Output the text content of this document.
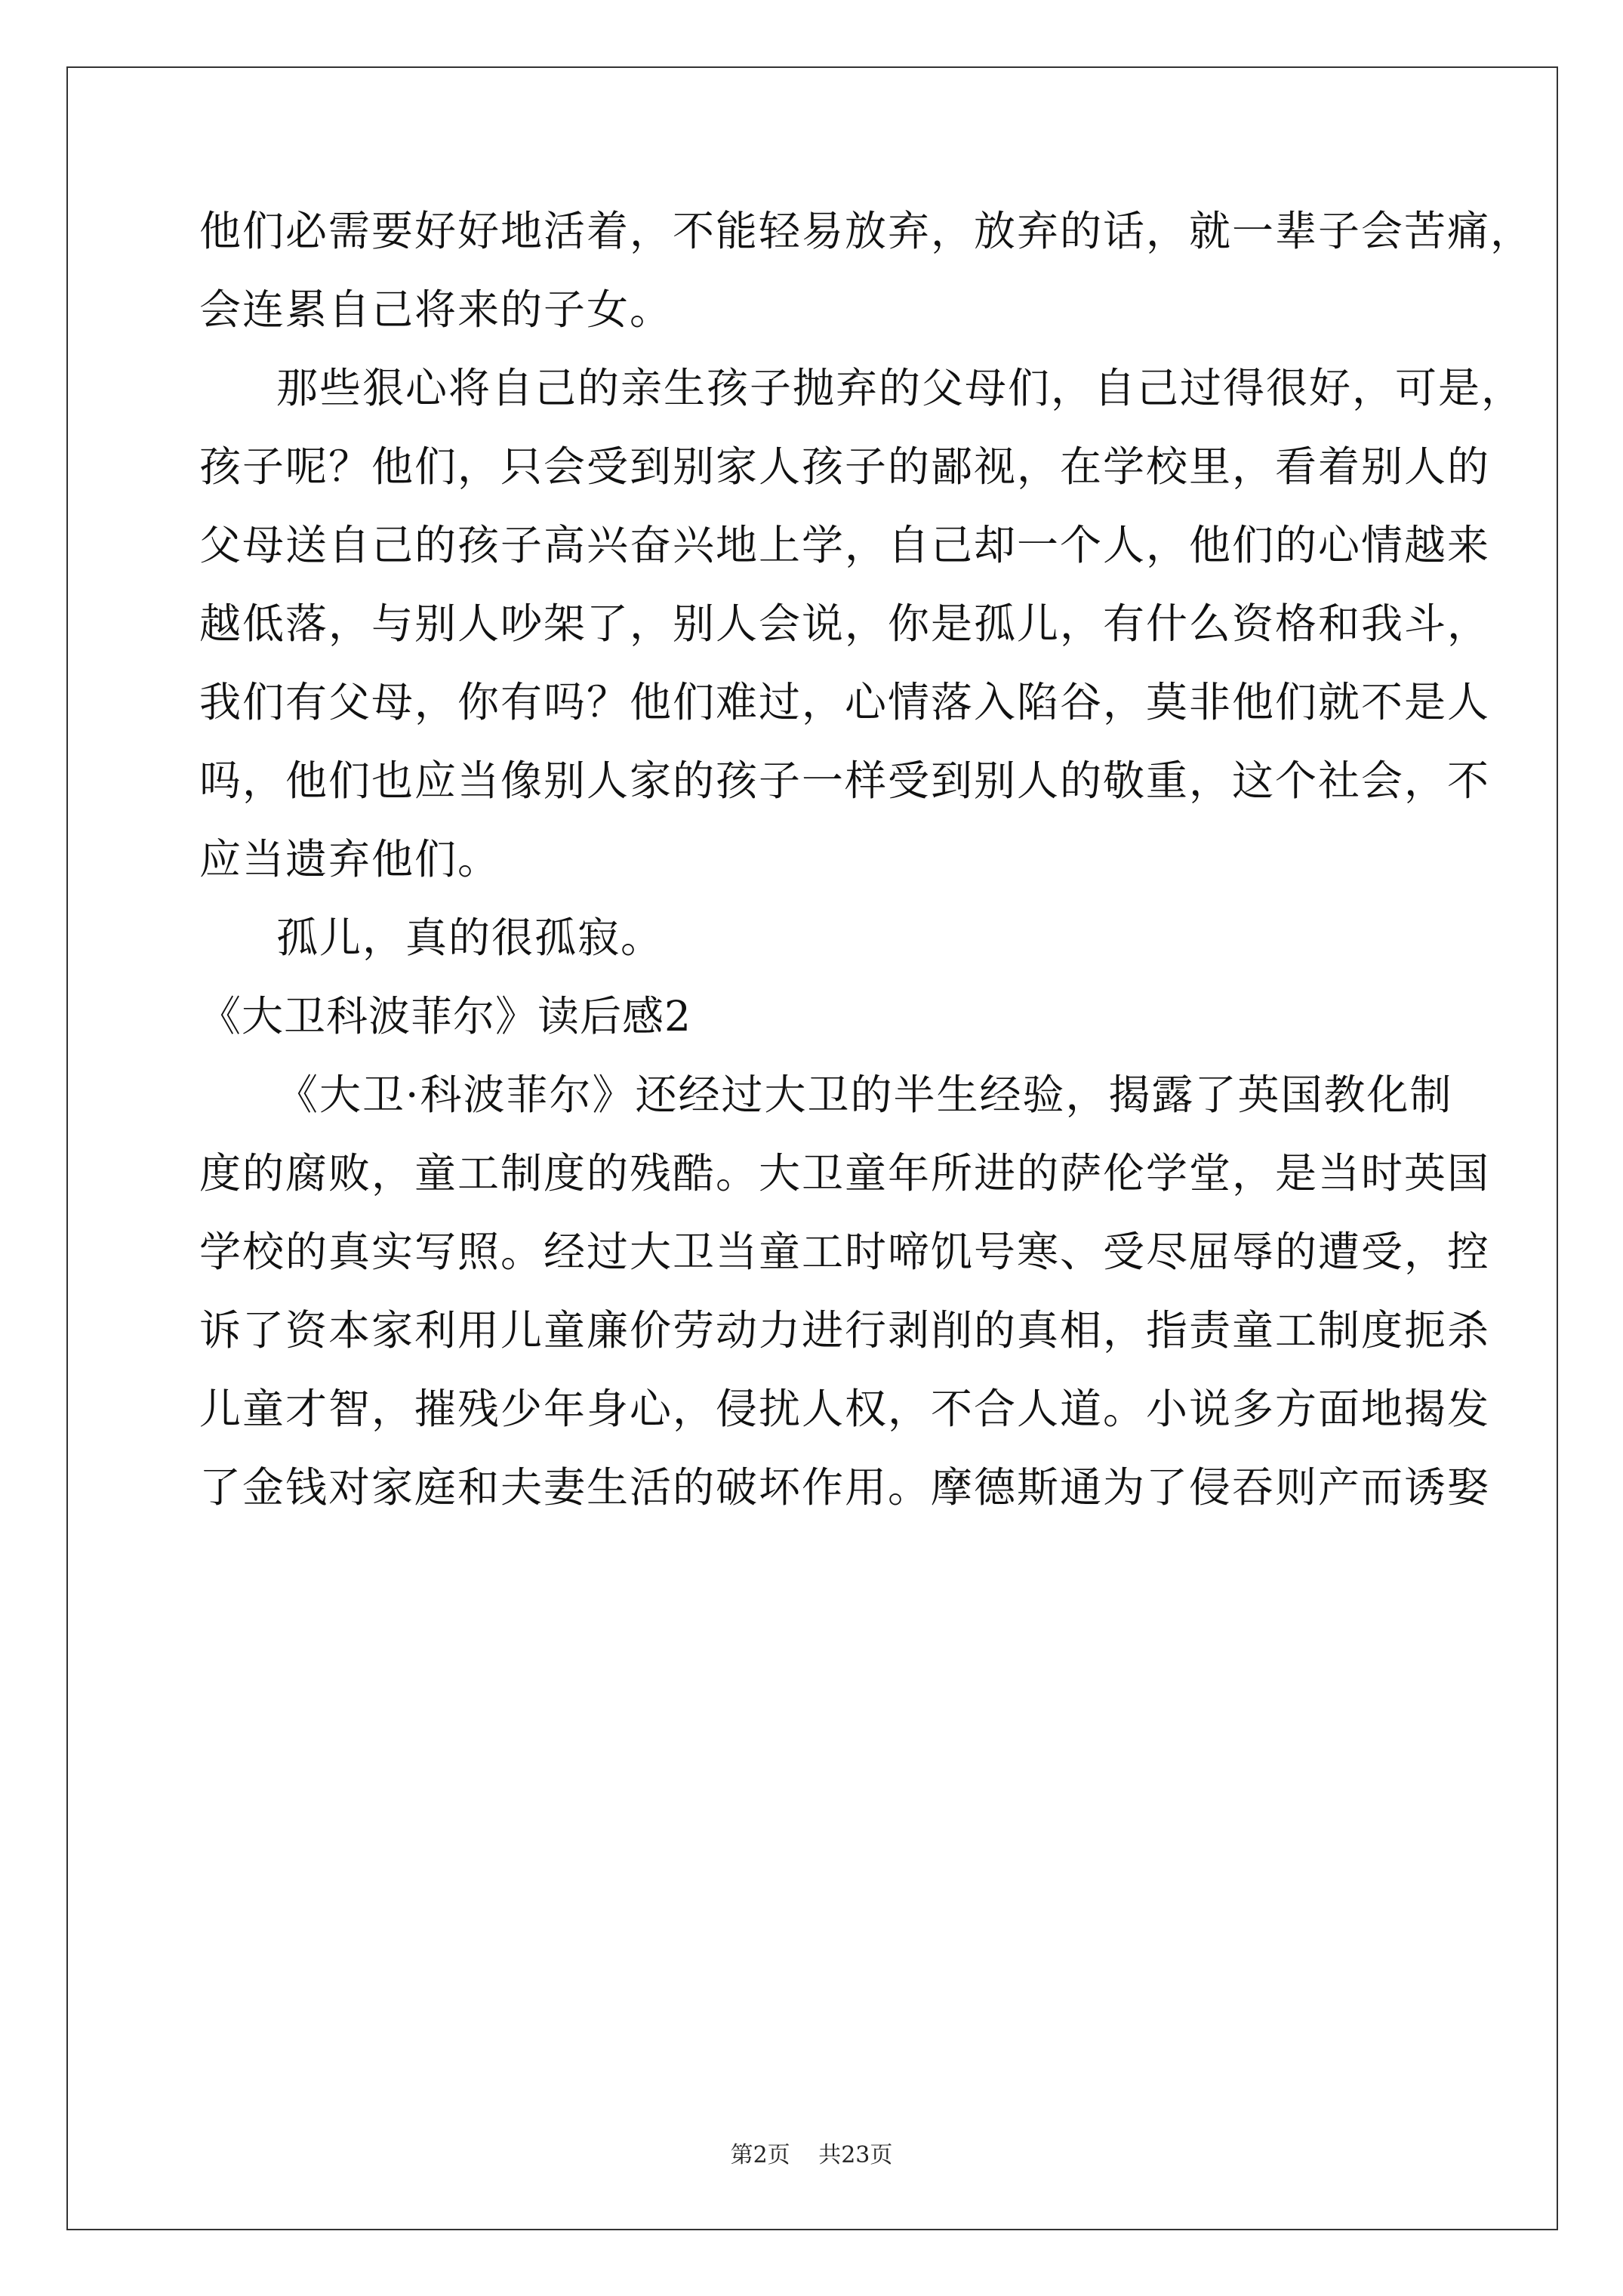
他们必需要好好地活着，不能轻易放弃，放弃的话，就一辈子会苦痛，
会连累自己将来的子女。
那些狠心将自己的亲生孩子抛弃的父母们，自己过得很好，可是，
孩子呢？他们，只会受到别家人孩子的鄙视，在学校里，看着别人的
父母送自己的孩子高兴奋兴地上学，自己却一个人，他们的心情越来
越低落，与别人吵架了，别人会说，你是孤儿，有什么资格和我斗，
我们有父母，你有吗？他们难过，心情落入陷谷，莫非他们就不是人
吗，他们也应当像别人家的孩子一样受到别人的敬重，这个社会，不
应当遗弃他们。
孤儿，真的很孤寂。
《大卫科波菲尔》读后感2
《大卫·科波菲尔》还经过大卫的半生经验，揭露了英国教化制
度的腐败，童工制度的残酷。大卫童年所进的萨伦学堂，是当时英国
学校的真实写照。经过大卫当童工时啼饥号寒、受尽屈辱的遭受，控
诉了资本家利用儿童廉价劳动力进行剥削的真相，指责童工制度扼杀
儿童才智，摧残少年身心，侵扰人权，不合人道。小说多方面地揭发
了金钱对家庭和夫妻生活的破坏作用。摩德斯通为了侵吞则产而诱娶
第2页 共23页
